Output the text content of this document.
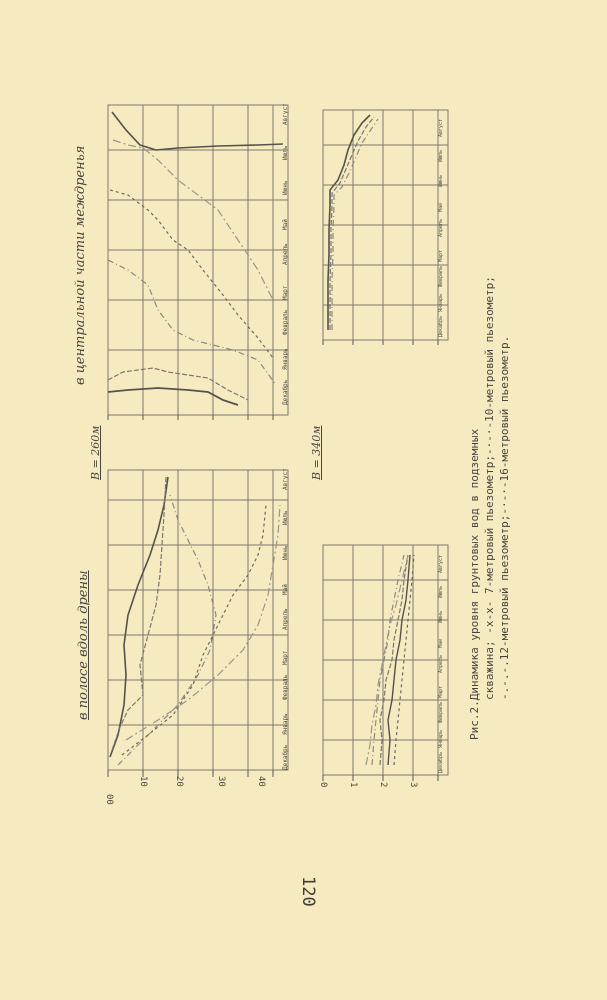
в полосе вдоль дрены
В = 260м
в центральной части междренья
В = 340м
00
10	20	30	40
Декабрь
Январь
Февраль
Март
Апрель
Май
Июнь
Июль
Август
Декабрь
Январь
Февраль
Март
Апрель
Май
Июнь
Июль
Август
0 1 2 3
Декабрь
Январь
Февраль
Март
Апрель
Май
Июнь
Июль
Август
Декабрь
Январь
Февраль
Март
Апрель
Май
Июнь
Июль
Август
Рис.2.Динамика уровня грунтовых вод в подземных скважина; -x-x- 7-метровый пьезометр;-·-·-10-метровый пьезометр; -.-.-.12-метровый пьезометр;-·-·-16-метровый пьезометр.
120
